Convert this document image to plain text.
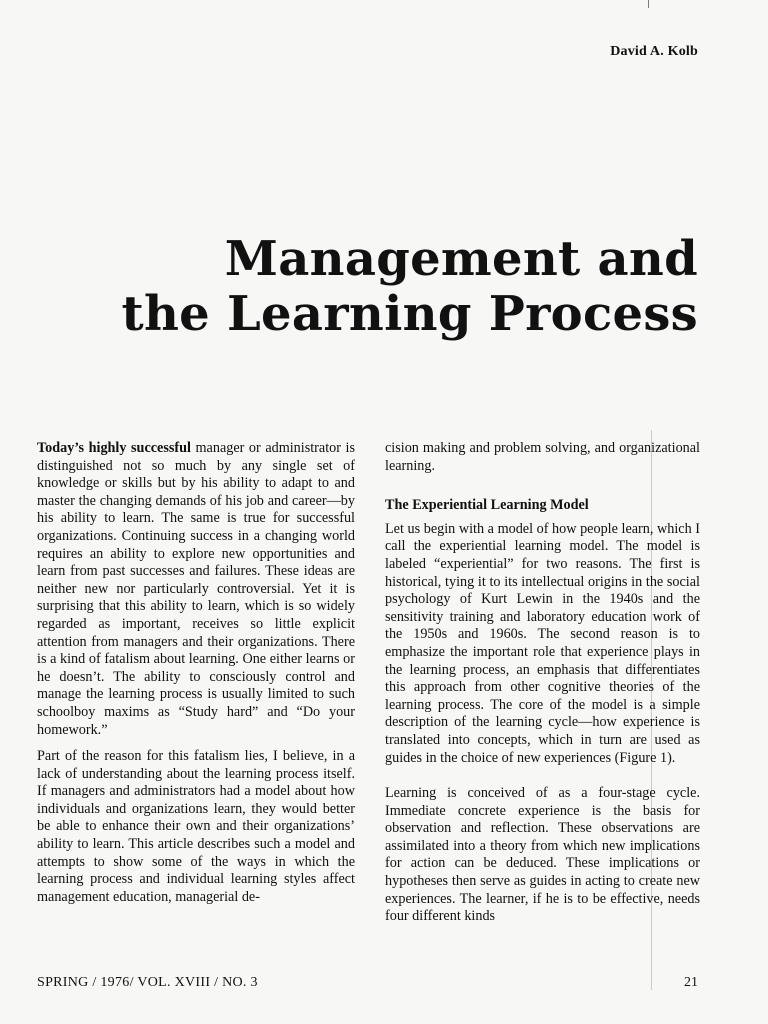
David A. Kolb
Management and
the Learning Process

Today’s highly successful manager or administrator is distinguished not so much by any single set of knowledge or skills but by his ability to adapt to and master the changing demands of his job and career—by his ability to learn. The same is true for successful organizations. Continuing success in a changing world requires an ability to explore new opportunities and learn from past successes and failures. These ideas are neither new nor particularly controversial. Yet it is surprising that this ability to learn, which is so widely regarded as important, receives so little explicit attention from managers and their organizations. There is a kind of fatalism about learning. One either learns or he doesn’t. The ability to consciously control and manage the learning process is usually limited to such schoolboy maxims as “Study hard” and “Do your homework.”

Part of the reason for this fatalism lies, I believe, in a lack of understanding about the learning process itself. If managers and administrators had a model about how individuals and organizations learn, they would better be able to enhance their own and their organizations’ ability to learn. This article describes such a model and attempts to show some of the ways in which the learning process and individual learning styles affect management education, managerial de-

cision making and problem solving, and organizational learning.

The Experiential Learning Model

Let us begin with a model of how people learn, which I call the experiential learning model. The model is labeled “experiential” for two reasons. The first is historical, tying it to its intellectual origins in the social psychology of Kurt Lewin in the 1940s and the sensitivity training and laboratory education work of the 1950s and 1960s. The second reason is to emphasize the important role that experience plays in the learning process, an emphasis that differentiates this approach from other cognitive theories of the learning process. The core of the model is a simple description of the learning cycle—how experience is translated into concepts, which in turn are used as guides in the choice of new experiences (Figure 1).

Learning is conceived of as a four-stage cycle. Immediate concrete experience is the basis for observation and reflection. These observations are assimilated into a theory from which new implications for action can be deduced. These implications or hypotheses then serve as guides in acting to create new experiences. The learner, if he is to be effective, needs four different kinds

SPRING / 1976/ VOL. XVIII / NO. 3	21
